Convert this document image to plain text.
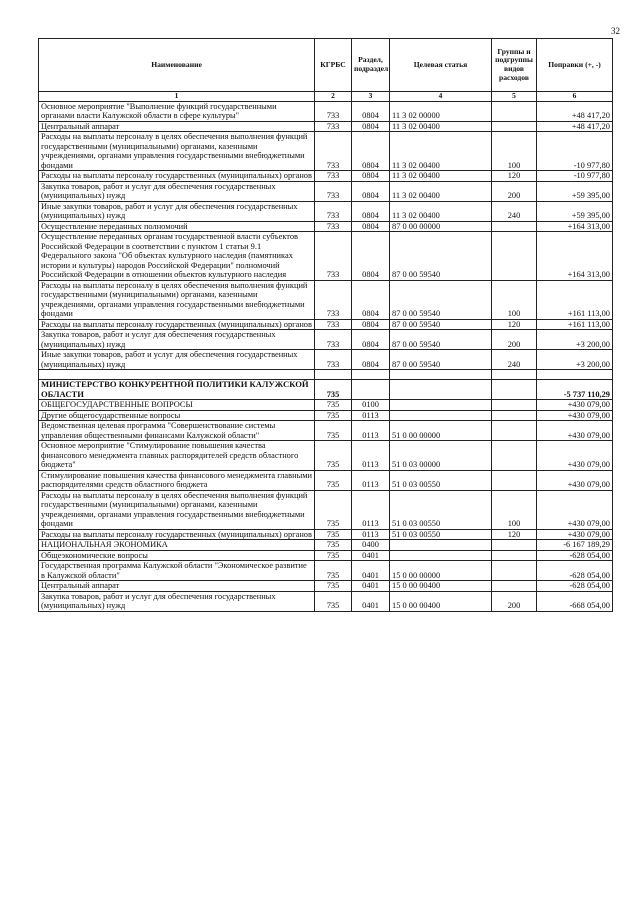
32
Наименование	КГРБС	Раздел, подраздел	Целевая статья	Группы и подгруппы видов расходов	Поправки (+, -)
1	2	3	4	5	6
Основное мероприятие "Выполнение функций государственными органами власти Калужской области в сфере культуры"	733	0804	11 3 02 00000		+48 417,20
Центральный аппарат	733	0804	11 3 02 00400		+48 417,20
Расходы на выплаты персоналу в целях обеспечения выполнения функций государственными (муниципальными) органами, казенными учреждениями, органами управления государственными внебюджетными фондами	733	0804	11 3 02 00400	100	-10 977,80
Расходы на выплаты персоналу государственных (муниципальных) органов	733	0804	11 3 02 00400	120	-10 977,80
Закупка товаров, работ и услуг для обеспечения государственных (муниципальных) нужд	733	0804	11 3 02 00400	200	+59 395,00
Иные закупки товаров, работ и услуг для обеспечения государственных (муниципальных) нужд	733	0804	11 3 02 00400	240	+59 395,00
Осуществление переданных полномочий	733	0804	87 0 00 00000		+164 313,00
Осуществление переданных органам государственной власти субъектов Российской Федерации в соответствии с пунктом 1 статьи 9.1 Федерального закона "Об объектах культурного наследия (памятниках истории и культуры) народов Российской Федерации" полномочий Российской Федерации в отношении объектов культурного наследия	733	0804	87 0 00 59540		+164 313,00
Расходы на выплаты персоналу в целях обеспечения выполнения функций государственными (муниципальными) органами, казенными учреждениями, органами управления государственными внебюджетными фондами	733	0804	87 0 00 59540	100	+161 113,00
Расходы на выплаты персоналу государственных (муниципальных) органов	733	0804	87 0 00 59540	120	+161 113,00
Закупка товаров, работ и услуг для обеспечения государственных (муниципальных) нужд	733	0804	87 0 00 59540	200	+3 200,00
Иные закупки товаров, работ и услуг для обеспечения государственных (муниципальных) нужд	733	0804	87 0 00 59540	240	+3 200,00

МИНИСТЕРСТВО КОНКУРЕНТНОЙ ПОЛИТИКИ КАЛУЖСКОЙ ОБЛАСТИ	735				-5 737 110,29
ОБЩЕГОСУДАРСТВЕННЫЕ ВОПРОСЫ	735	0100			+430 079,00
Другие общегосударственные вопросы	735	0113			+430 079,00
Ведомственная целевая программа "Совершенствование системы управления общественными финансами Калужской области"	735	0113	51 0 00 00000		+430 079,00
Основное мероприятие "Стимулирование повышения качества финансового менеджмента главных распорядителей средств областного бюджета"	735	0113	51 0 03 00000		+430 079,00
Стимулирование повышения качества финансового менеджмента главными распорядителями средств областного бюджета	735	0113	51 0 03 00550		+430 079,00
Расходы на выплаты персоналу в целях обеспечения выполнения функций государственными (муниципальными) органами, казенными учреждениями, органами управления государственными внебюджетными фондами	735	0113	51 0 03 00550	100	+430 079,00
Расходы на выплаты персоналу государственных (муниципальных) органов	735	0113	51 0 03 00550	120	+430 079,00
НАЦИОНАЛЬНАЯ ЭКОНОМИКА	735	0400			-6 167 189,29
Общеэкономические вопросы	735	0401			-628 054,00
Государственная программа Калужской области "Экономическое развитие в Калужской области"	735	0401	15 0 00 00000		-628 054,00
Центральный аппарат	735	0401	15 0 00 00400		-628 054,00
Закупка товаров, работ и услуг для обеспечения государственных (муниципальных) нужд	735	0401	15 0 00 00400	200	-668 054,00
